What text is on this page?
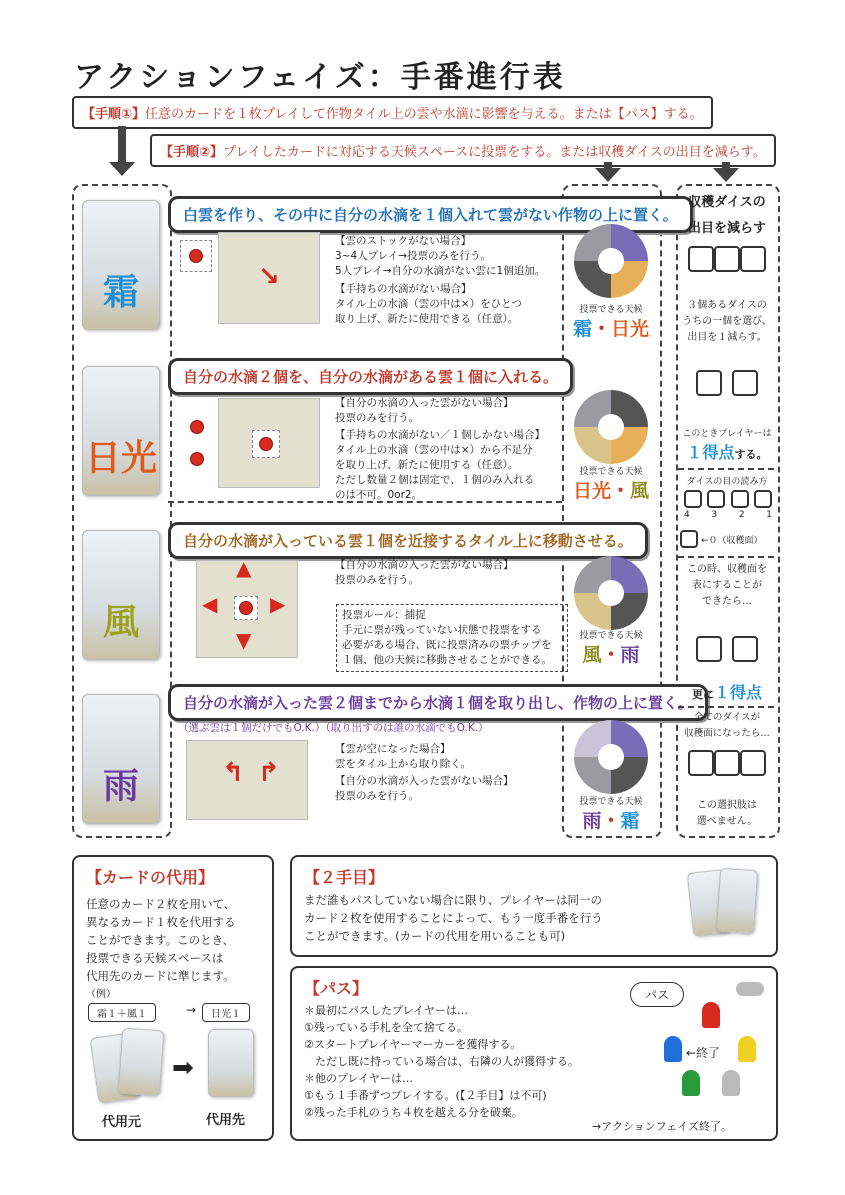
アクションフェイズ：手番進行表
【手順①】任意のカードを１枚プレイして作物タイル上の雲や水滴に影響を与える。または【パス】する。
【手順②】プレイしたカードに対応する天候スペースに投票をする。または収穫ダイスの出目を減らす。
霜
白雲を作り、その中に自分の水滴を１個入れて雲がない作物の上に置く。
↘
【雲のストックがない場合】
3~4人プレイ→投票のみを行う。
5人プレイ→自分の水滴がない雲に1個追加。
【手持ちの水滴がない場合】
タイル上の水滴（雲の中は×）をひとつ
取り上げ、新たに使用できる（任意）。
投票できる天候
霜・日光
日光
自分の水滴２個を、自分の水滴がある雲１個に入れる。
【自分の水滴の入った雲がない場合】
投票のみを行う。
【手持ちの水滴がない／１個しかない場合】
タイル上の水滴（雲の中は×）から不足分
を取り上げ、新たに使用する（任意）。
ただし数量２個は固定で、１個のみ入れる
のは不可。0or2。
投票できる天候
日光・風
風
自分の水滴が入っている雲１個を近接するタイル上に移動させる。
▲
▼
◀	▶
【自分の水滴の入った雲がない場合】
投票のみを行う。
投票ルール：捕捉
手元に票が残っていない状態で投票をする
必要がある場合、既に投票済みの票チップを
１個、他の天候に移動させることができる。
投票できる天候
風・雨
雨
自分の水滴が入った雲２個までから水滴１個を取り出し、作物の上に置く。
（選ぶ雲は１個だけでもO.K.）（取り出すのは誰の水滴でもO.K.）
↰ ↱
【雲が空になった場合】
雲をタイル上から取り除く。
【自分の水滴が入った雲がない場合】
投票のみを行う。	投票できる天候
雨・霜
収穫ダイスの
出目を減らす
３個あるダイスの
うちの一個を選び、
出目を１減らす。

このときプレイヤーは
１得点する。
ダイスの目の読み方
4 3 2 1
←０（収穫面）
この時、収穫面を
表にすることが
できたら…

更に１得点
全てのダイスが
収穫面になったら…
この選択肢は
選べません。
【カードの代用】
任意のカード２枚を用いて、
異なるカード１枚を代用する
ことができます。このとき、
投票できる天候スペースは
代用先のカードに準じます。
（例）
霜１＋風１	→	日光１
➡
代用元	代用先
【２手目】
まだ誰もパスしていない場合に限り、プレイヤーは同一の
カード２枚を使用することによって、もう一度手番を行う
ことができます。(カードの代用を用いることも可)
【パス】
＊最初にパスしたプレイヤーは…
①残っている手札を全て捨てる。
②スタートプレイヤーマーカーを獲得する。
　ただし既に持っている場合は、右隣の人が獲得する。
＊他のプレイヤーは…
①もう１手番ずつプレイする。(【２手目】は不可)
②残った手札のうち４枚を越える分を破棄。
パス
←終了
→アクションフェイズ終了。
